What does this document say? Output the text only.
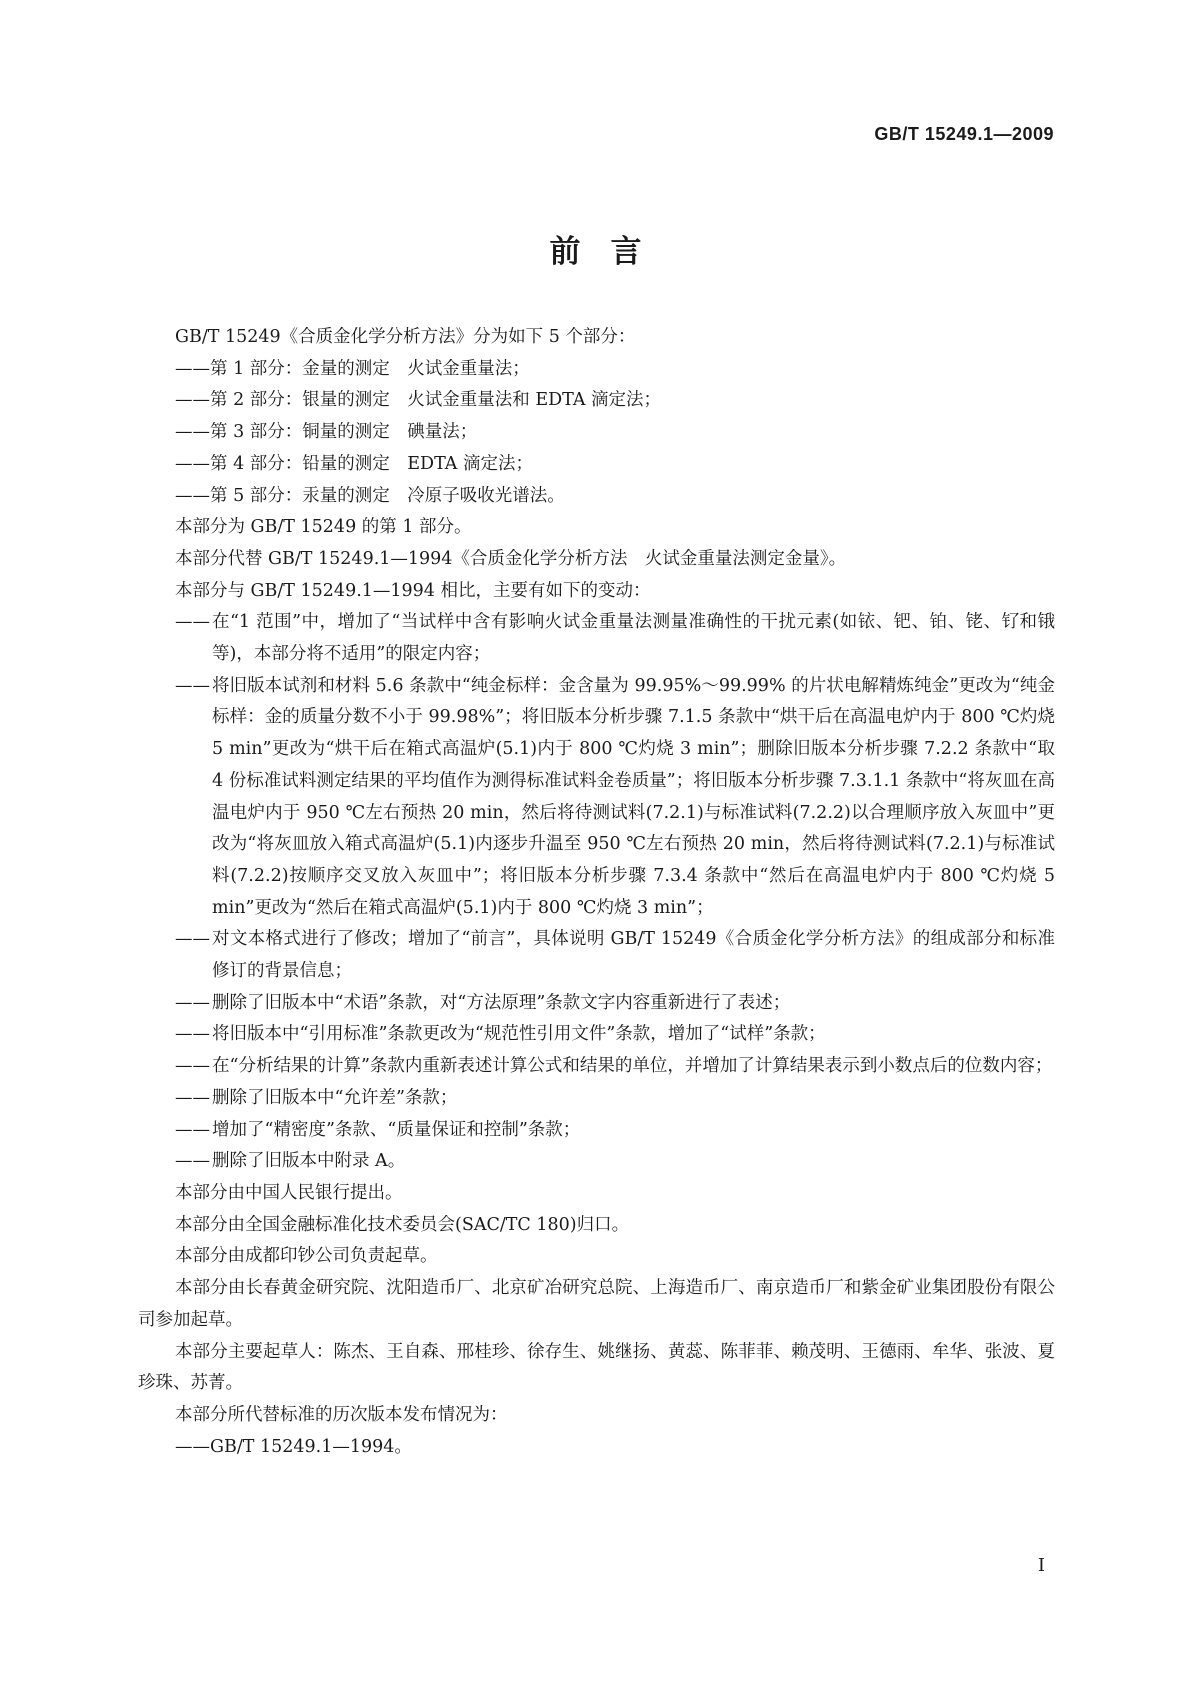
GB/T 15249.1—2009
前言
GB/T 15249《合质金化学分析方法》分为如下 5 个部分：
——第 1 部分：金量的测定　火试金重量法；
——第 2 部分：银量的测定　火试金重量法和 EDTA 滴定法；
——第 3 部分：铜量的测定　碘量法；
——第 4 部分：铅量的测定　EDTA 滴定法；
——第 5 部分：汞量的测定　冷原子吸收光谱法。
本部分为 GB/T 15249 的第 1 部分。
本部分代替 GB/T 15249.1—1994《合质金化学分析方法　火试金重量法测定金量》。
本部分与 GB/T 15249.1—1994 相比，主要有如下的变动：
—— 在“1 范围”中，增加了“当试样中含有影响火试金重量法测量准确性的干扰元素(如铱、钯、铂、铑、钌和锇等)，本部分将不适用”的限定内容；
—— 将旧版本试剂和材料 5.6 条款中“纯金标样：金含量为 99.95%～99.99% 的片状电解精炼纯金”更改为“纯金标样：金的质量分数不小于 99.98%”；将旧版本分析步骤 7.1.5 条款中“烘干后在高温电炉内于 800 ℃灼烧 5 min”更改为“烘干后在箱式高温炉(5.1)内于 800 ℃灼烧 3 min”；删除旧版本分析步骤 7.2.2 条款中“取 4 份标准试料测定结果的平均值作为测得标准试料金卷质量”；将旧版本分析步骤 7.3.1.1 条款中“将灰皿在高温电炉内于 950 ℃左右预热 20 min，然后将待测试料(7.2.1)与标准试料(7.2.2)以合理顺序放入灰皿中”更改为“将灰皿放入箱式高温炉(5.1)内逐步升温至 950 ℃左右预热 20 min，然后将待测试料(7.2.1)与标准试料(7.2.2)按顺序交叉放入灰皿中”；将旧版本分析步骤 7.3.4 条款中“然后在高温电炉内于 800 ℃灼烧 5 min”更改为“然后在箱式高温炉(5.1)内于 800 ℃灼烧 3 min”；
—— 对文本格式进行了修改；增加了“前言”，具体说明 GB/T 15249《合质金化学分析方法》的组成部分和标准修订的背景信息；
—— 删除了旧版本中“术语”条款，对“方法原理”条款文字内容重新进行了表述；
—— 将旧版本中“引用标准”条款更改为“规范性引用文件”条款，增加了“试样”条款；
—— 在“分析结果的计算”条款内重新表述计算公式和结果的单位，并增加了计算结果表示到小数点后的位数内容；
—— 删除了旧版本中“允许差”条款；
—— 增加了“精密度”条款、“质量保证和控制”条款；
—— 删除了旧版本中附录 A。
本部分由中国人民银行提出。
本部分由全国金融标准化技术委员会(SAC/TC 180)归口。
本部分由成都印钞公司负责起草。
本部分由长春黄金研究院、沈阳造币厂、北京矿冶研究总院、上海造币厂、南京造币厂和紫金矿业集团股份有限公司参加起草。
本部分主要起草人：陈杰、王自森、邢桂珍、徐存生、姚继扬、黄蕊、陈菲菲、赖茂明、王德雨、牟华、张波、夏珍珠、苏菁。
本部分所代替标准的历次版本发布情况为：
——GB/T 15249.1—1994。
I
